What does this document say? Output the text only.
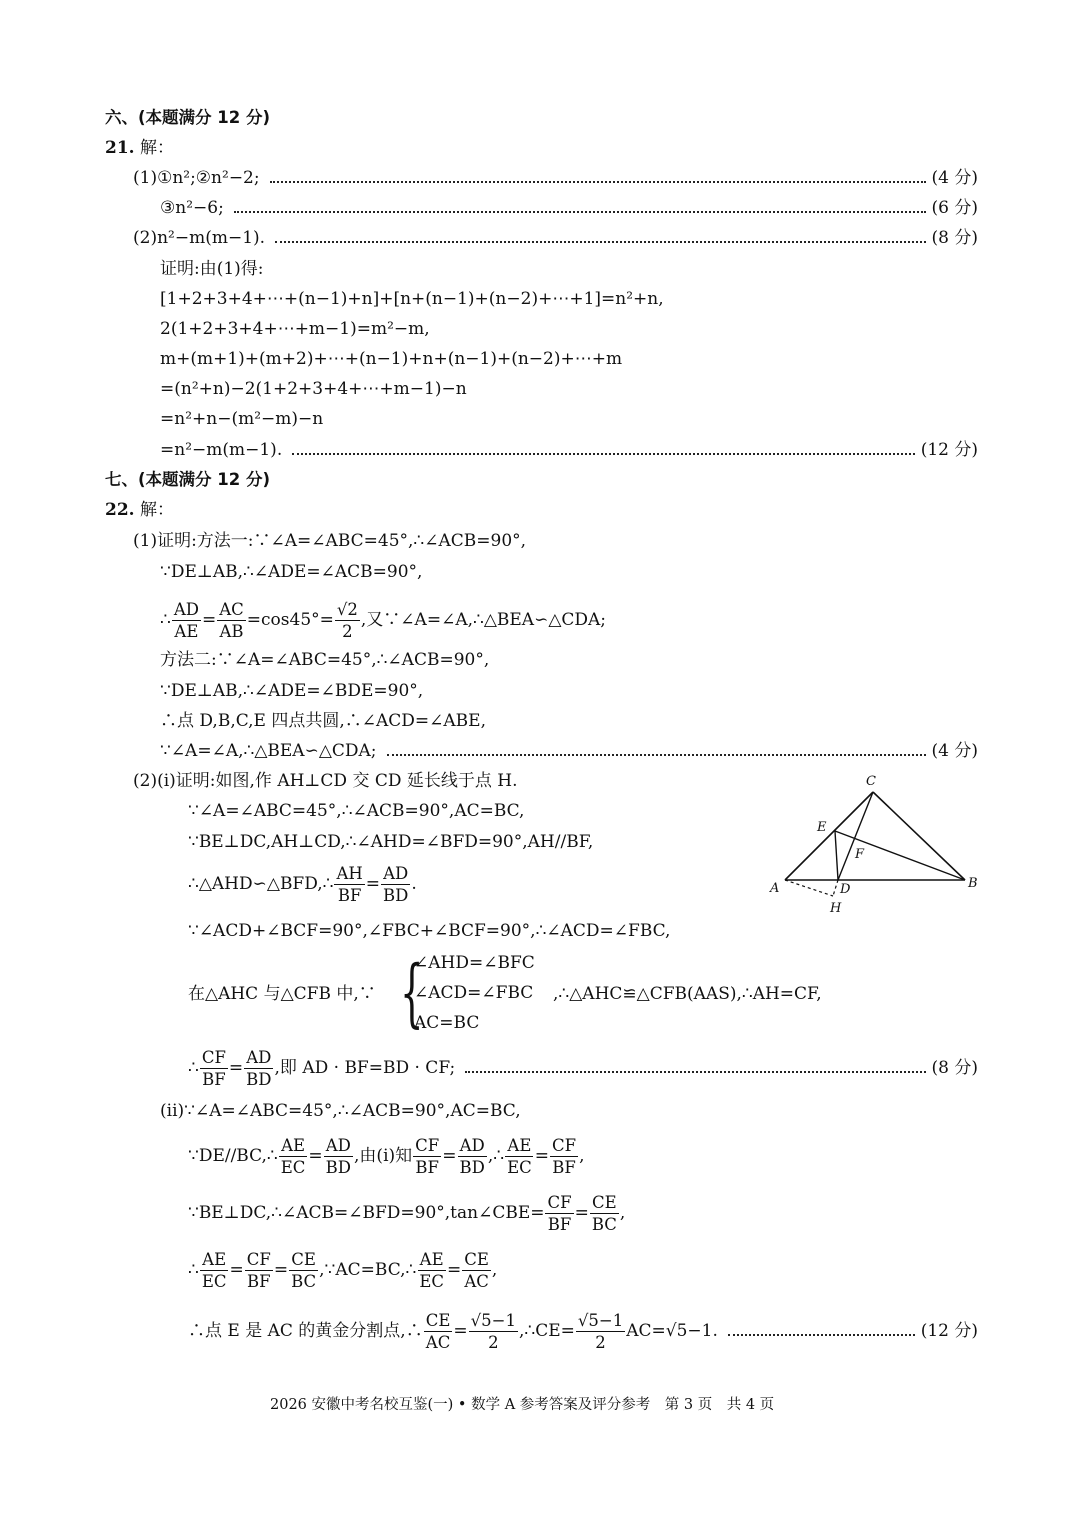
六、(本题满分 12 分)
21. 解：
(1)①n²;②n²−2;	(4 分)
③n²−6;	(6 分)
(2)n²−m(m−1).	(8 分)
证明:由(1)得:
[1+2+3+4+⋯+(n−1)+n]+[n+(n−1)+(n−2)+⋯+1]=n²+n,
2(1+2+3+4+⋯+m−1)=m²−m,
m+(m+1)+(m+2)+⋯+(n−1)+n+(n−1)+(n−2)+⋯+m
=(n²+n)−2(1+2+3+4+⋯+m−1)−n
=n²+n−(m²−m)−n
=n²−m(m−1).	(12 分)
七、(本题满分 12 分)
22. 解：
(1)证明:方法一:∵∠A=∠ABC=45°,∴∠ACB=90°,
∵DE⊥AB,∴∠ADE=∠ACB=90°,
∴ $\frac{AD}{AE} = \frac{AC}{AB} =\cos 45^\circ= \frac{√2}{2}$ ,又∵∠A=∠A,∴△BEA∽△CDA;
方法二:∵∠A=∠ABC=45°,∴∠ACB=90°,
∵DE⊥AB,∴∠ADE=∠BDE=90°,
∴点 D,B,C,E 四点共圆,∴∠ACD=∠ABE,
∵∠A=∠A,∴△BEA∽△CDA;	(4 分)
(2)(i)证明:如图,作 AH⊥CD 交 CD 延长线于点 H.
∵∠A=∠ABC=45°,∴∠ACB=90°,AC=BC,
∵BE⊥DC,AH⊥CD,∴∠AHD=∠BFD=90°,AH//BF,
∴△AHD∽△BFD,∴ $\frac{AH}{BF} = \frac{AD}{BD}$ .
∵∠ACD+∠BCF=90°,∠FBC+∠BCF=90°,∴∠ACD=∠FBC,
在△AHC 与△CFB 中,∵ {
∠AHD=∠BFC
∠ACD=∠FBC
AC=BC
,∴△AHC≌△CFB(AAS),∴AH=CF,
∴ $\frac{CF}{BF} = \frac{AD}{BD}$ ,即 AD · BF=BD · CF;	(8 分)
(ii)∵∠A=∠ABC=45°,∴∠ACB=90°,AC=BC,
∵DE//BC,∴ $\frac{AE}{EC} = \frac{AD}{BD}$ ,由(i)知 $\frac{CF}{BF} = \frac{AD}{BD}$ ,∴ $\frac{AE}{EC} = \frac{CF}{BF}$ ,
∵BE⊥DC,∴∠ACB=∠BFD=90°,tan∠CBE= $\frac{CF}{BF} = \frac{CE}{BC}$ ,
∴ $\frac{AE}{EC} = \frac{CF}{BF} = \frac{CE}{BC}$ ,∵AC=BC,∴ $\frac{AE}{EC} = \frac{CE}{AC}$ ,
∴点 E 是 AC 的黄金分割点,∴ $\frac{CE}{AC} = \frac{√5-1}{2}$ ,∴CE= $\frac{√5-1}{2} AC=√5-1$.	(12 分)
C
E
F
A	D	B
H
2026 安徽中考名校互鉴(一) • 数学 A 参考答案及评分参考　第 3 页　共 4 页
